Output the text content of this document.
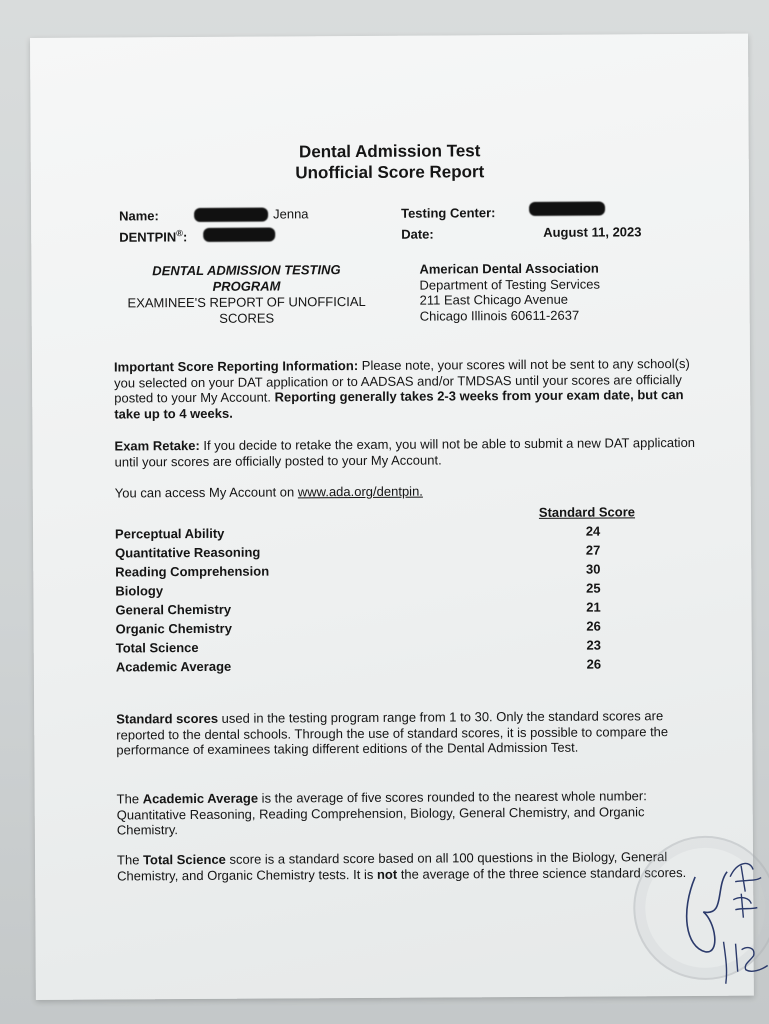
Dental Admission Test

Unofficial Score Report

Name:	Jenna
DENTPIN®:
Testing Center:
Date:	August 11, 2023
DENTAL ADMISSION TESTING
PROGRAM
EXAMINEE'S REPORT OF UNOFFICIAL
SCORES
American Dental Association
Department of Testing Services
211 East Chicago Avenue
Chicago Illinois 60611-2637

Important Score Reporting Information: Please note, your scores will not be sent to any school(s) you selected on your DAT application or to AADSAS and/or TMDSAS until your scores are officially posted to your My Account. Reporting generally takes 2-3 weeks from your exam date, but can take up to 4 weeks.

Exam Retake: If you decide to retake the exam, you will not be able to submit a new DAT application until your scores are officially posted to your My Account.

You can access My Account on www.ada.org/dentpin.

Standard Score
Perceptual Ability	24
Quantitative Reasoning	27
Reading Comprehension	30
Biology	25
General Chemistry	21
Organic Chemistry	26
Total Science	23
Academic Average	26

Standard scores used in the testing program range from 1 to 30. Only the standard scores are reported to the dental schools. Through the use of standard scores, it is possible to compare the performance of examinees taking different editions of the Dental Admission Test.

The Academic Average is the average of five scores rounded to the nearest whole number: Quantitative Reasoning, Reading Comprehension, Biology, General Chemistry, and Organic Chemistry.

The Total Science score is a standard score based on all 100 questions in the Biology, General Chemistry, and Organic Chemistry tests. It is not the average of the three science standard scores.
